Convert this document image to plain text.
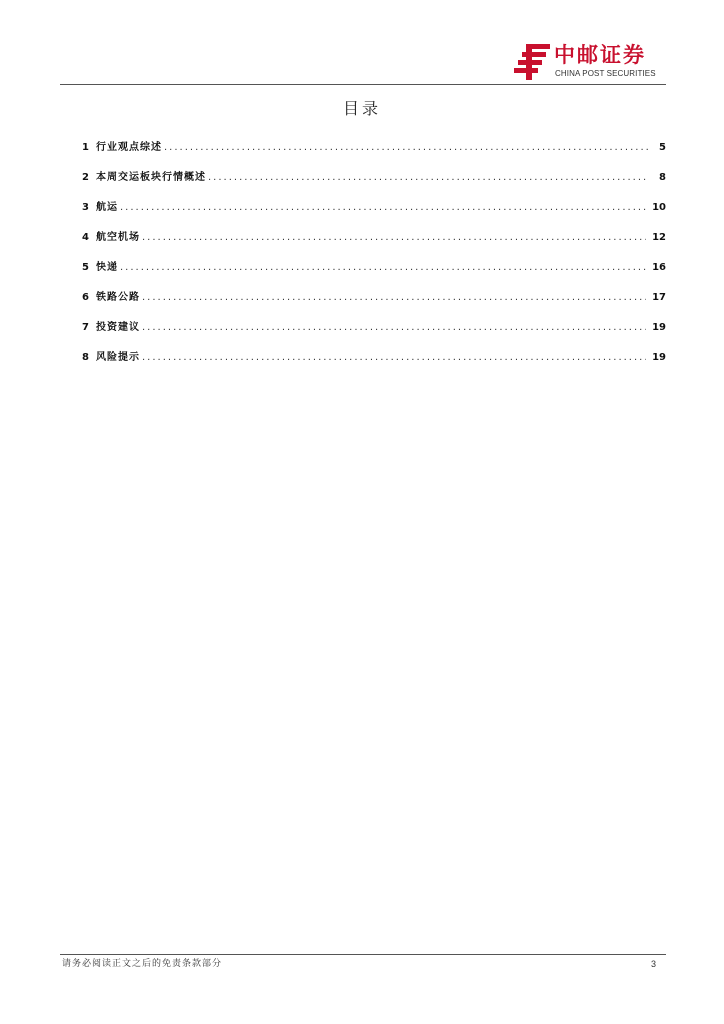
中邮证券
CHINA POST SECURITIES
目录
1 行业观点综述 .....	5
2 本周交运板块行情概述 .....	8
3 航运 .....	10
4 航空机场 .....	12
5 快递 .....	16
6 铁路公路 .....	17
7 投资建议 .....	19
8 风险提示 .....	19
请务必阅读正文之后的免责条款部分	3
